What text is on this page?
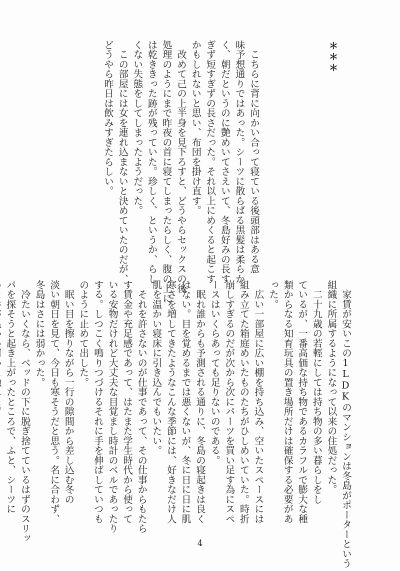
＊＊＊

　こちらに背に向かい合って寝ている後頭部はある意

味予想通りではあった。シーツに散らばる黒髪は柔らか

く、朝だというのに艶めいてさえいて、冬島好みの長す

ぎず短すぎずの長さだった。それ以上にめくると起こす

かもしれないと思い、布団を掛け直す。

　改めて己の上半身を見下ろすと、どうやらセックスの後

処理のようにまで昨夜の首に寝てしまったらしく、腹の上に

は乾ききった跡が残っていた。珍しく、というか、らし

くない失態をしてしまったようだった。

　この部屋には女を連れ込まないと決めていたのだが、

どうやら昨日は飲みすぎたらしい。

　家賃が安いこの1LDKのマンションは冬島がポーターという

組織に所属するようになって以来の住処だった。

　二十九歳の若輕にしては持ち物の多い暮らしをし

ているが、一番高価な持ち物であるカラフルで膨大な種

類からなる知育玩具の置き場所だけは確保する必要があ

った。

　広い一部屋に広い棚を持ち込み、空いたスペースには

組み立てた箱庭めいたものたちがひしめいていた。時折

崩しすぎるのだが次から次にパーツを買い足す為にスペ

ースはいくらあっても足りないのである。

　眠れ誰からも予測される通りに、冬島の寝起きは良く

はない。目を覚めるまでは悪くないが、冬に日に日に肌

寒さを増してきたようなこんな季節には、好きなだけ人

肌を温かい寝床に引き込んでもいたい。

　それを許さないのが仕事であって、その仕事からもたら

す賃金や充足感であって、はたまた学生時代から使って

いる安物だけれど大丈夫な目覚まし時計のベルであったり

する。しつこく鳴りつづけるそれに手を伸ばしていつも

のように止めて出した。

　眠い目を擦りながら一行の隙間から差し込む冬の

淡い朝日を見て、今日も寒そうだと思う。名に合わず、

冬島はさには弱かった。

　冷たいくなら、ベッドの下に脱ぎ捨てているはずのスリッ

パを探そうと起き上がったところで、ふと、シーツに

4
